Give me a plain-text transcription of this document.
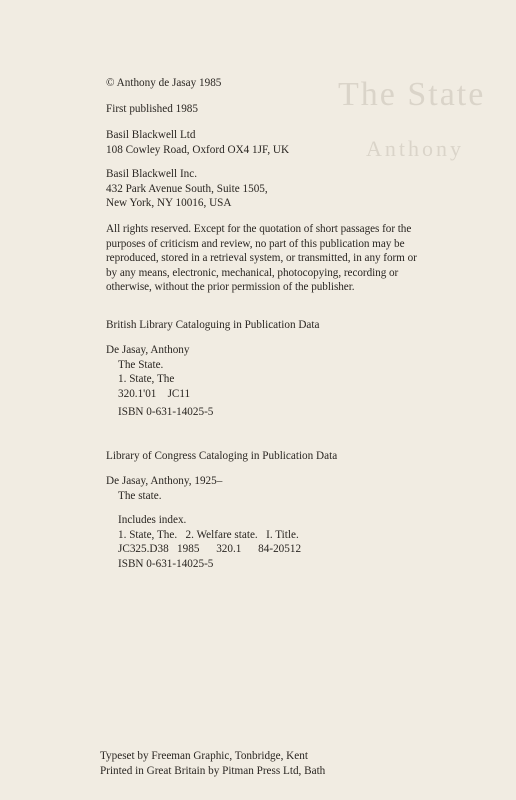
The State
Anthony

© Anthony de Jasay 1985

First published 1985

Basil Blackwell Ltd

108 Cowley Road, Oxford OX4 1JF, UK

Basil Blackwell Inc.

432 Park Avenue South, Suite 1505,

New York, NY 10016, USA

All rights reserved. Except for the quotation of short passages for the

purposes of criticism and review, no part of this publication may be

reproduced, stored in a retrieval system, or transmitted, in any form or

by any means, electronic, mechanical, photocopying, recording or

otherwise, without the prior permission of the publisher.

British Library Cataloguing in Publication Data

De Jasay, Anthony

The State.

1. State, The

320.1'01    JC11

ISBN 0-631-14025-5

Library of Congress Cataloging in Publication Data

De Jasay, Anthony, 1925–

The state.

Includes index.

1. State, The.   2. Welfare state.   I. Title.

JC325.D38   1985      320.1      84-20512

ISBN 0-631-14025-5

Typeset by Freeman Graphic, Tonbridge, Kent

Printed in Great Britain by Pitman Press Ltd, Bath
